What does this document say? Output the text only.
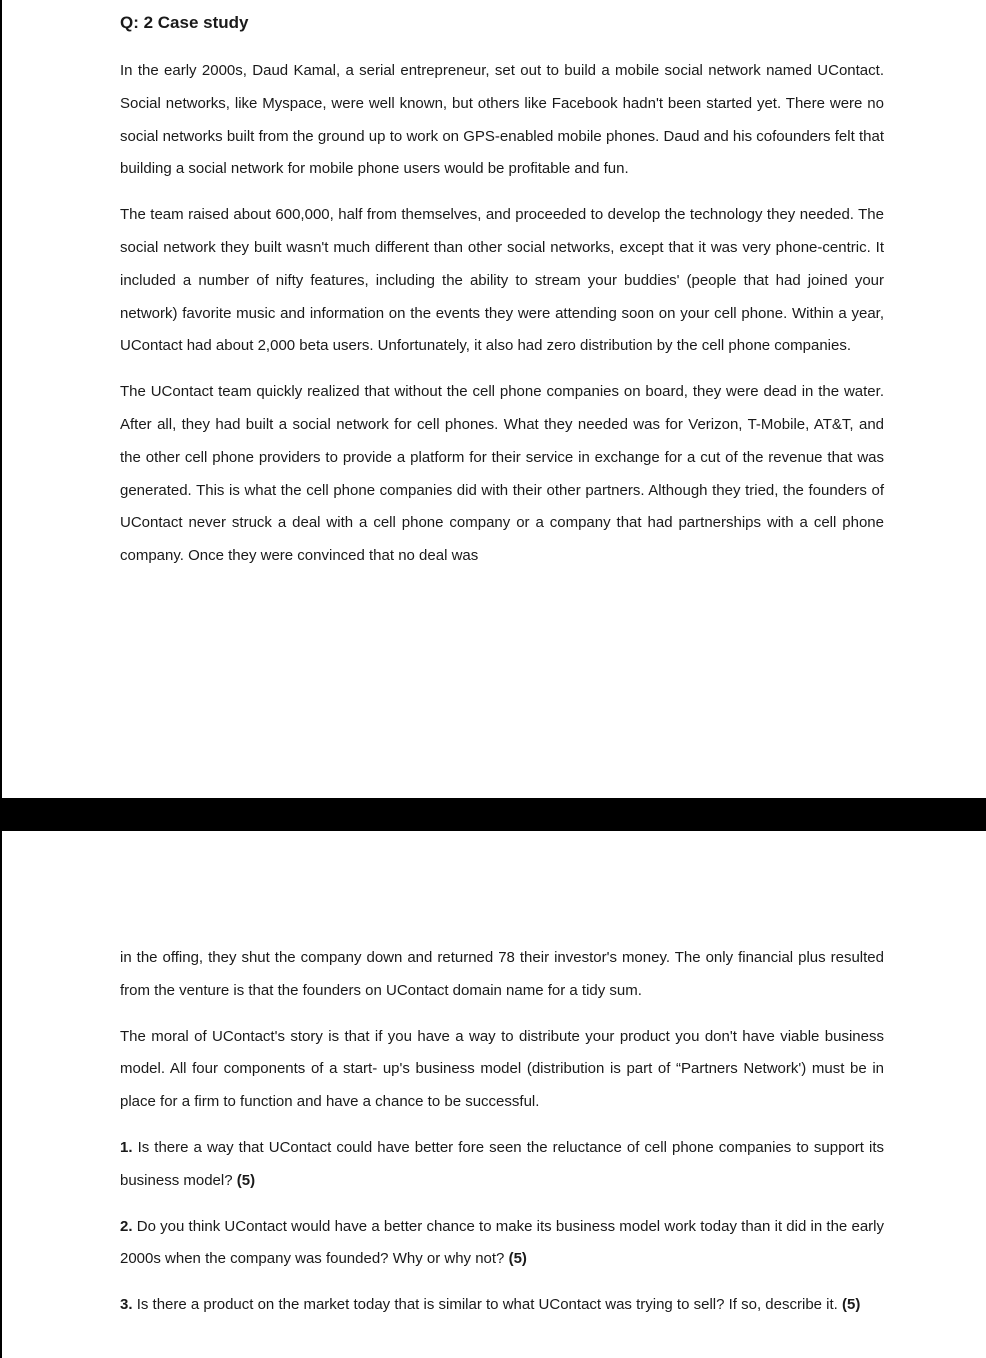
Q: 2 Case study

In the early 2000s, Daud Kamal, a serial entrepreneur, set out to build a mobile social network named UContact. Social networks, like Myspace, were well known, but others like Facebook hadn't been started yet. There were no social networks built from the ground up to work on GPS-enabled mobile phones. Daud and his cofounders felt that building a social network for mobile phone users would be profitable and fun.

The team raised about 600,000, half from themselves, and proceeded to develop the technology they needed. The social network they built wasn't much different than other social networks, except that it was very phone-centric. It included a number of nifty features, including the ability to stream your buddies' (people that had joined your network) favorite music and information on the events they were attending soon on your cell phone. Within a year, UContact had about 2,000 beta users. Unfortunately, it also had zero distribution by the cell phone companies.

The UContact team quickly realized that without the cell phone companies on board, they were dead in the water. After all, they had built a social network for cell phones. What they needed was for Verizon, T-Mobile, AT&T, and the other cell phone providers to provide a platform for their service in exchange for a cut of the revenue that was generated. This is what the cell phone companies did with their other partners. Although they tried, the founders of UContact never struck a deal with a cell phone company or a company that had partnerships with a cell phone company. Once they were convinced that no deal was

in the offing, they shut the company down and returned 78 their investor's money. The only financial plus resulted from the venture is that the founders on UContact domain name for a tidy sum.

The moral of UContact's story is that if you have a way to distribute your product you don't have viable business model. All four components of a start- up's business model (distribution is part of “Partners Network') must be in place for a firm to function and have a chance to be successful.

1. Is there a way that UContact could have better fore seen the reluctance of cell phone companies to support its business model? (5)

2. Do you think UContact would have a better chance to make its business model work today than it did in the early 2000s when the company was founded? Why or why not? (5)

3. Is there a product on the market today that is similar to what UContact was trying to sell? If so, describe it. (5)
